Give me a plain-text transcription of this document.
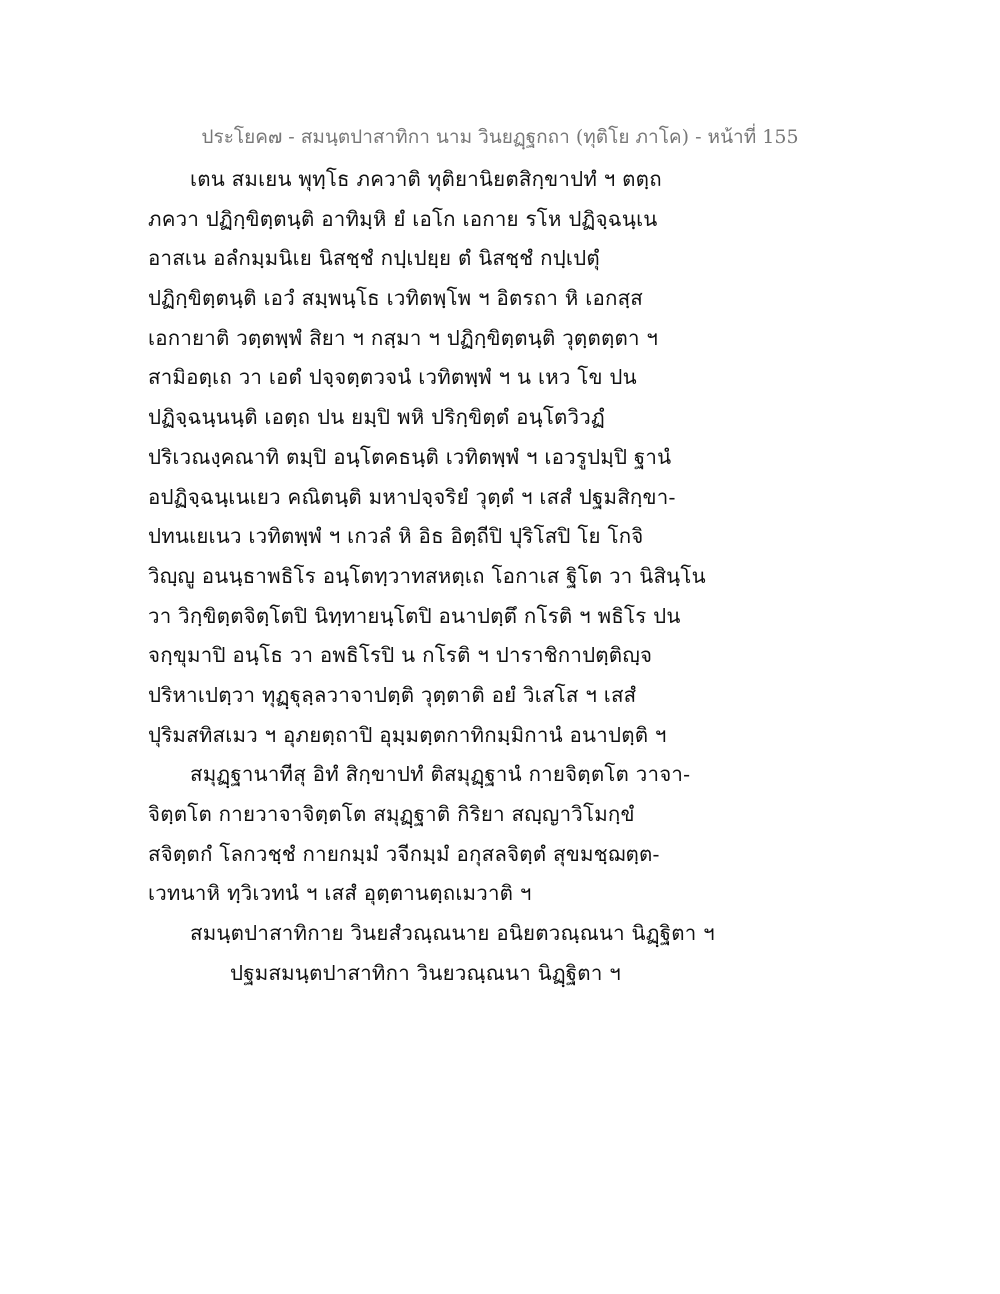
ประโยค๗ - สมนฺตปาสาทิกา นาม วินยฏฺฐกถา (ทุติโย ภาโค) - หน้าที่ 155
เตน สมเยน พุทฺโธ ภควาติ ทุติยานิยตสิกฺขาปทํ ฯ ตตฺถ
ภควา ปฏิกฺขิตฺตนฺติ อาทิมฺหิ ยํ เอโก เอกาย รโห ปฏิจฺฉนฺเน
อาสเน อลํกมฺมนิเย นิสชฺชํ กปฺเปยฺย ตํ นิสชฺชํ กปฺเปตุํ
ปฏิกฺขิตฺตนฺติ เอวํ สมฺพนฺโธ เวทิตพฺโพ ฯ อิตรถา หิ เอกสฺส
เอกายาติ วตฺตพฺพํ สิยา ฯ กสฺมา ฯ ปฏิกฺขิตฺตนฺติ วุตฺตตฺตา ฯ
สามิอตฺเถ วา เอตํ ปจฺจตฺตวจนํ เวทิตพฺพํ ฯ น เหว โข ปน
ปฏิจฺฉนฺนนฺติ เอตฺถ ปน ยมฺปิ พหิ ปริกฺขิตฺตํ อนฺโตวิวฏํ
ปริเวณงฺคณาทิ ตมฺปิ อนฺโตคธนฺติ เวทิตพฺพํ ฯ เอวรูปมฺปิ ฐานํ
อปฏิจฺฉนฺเนเยว คณิตนฺติ มหาปจฺจริยํ วุตฺตํ ฯ เสสํ ปฐมสิกฺขา-
ปทนเยเนว เวทิตพฺพํ ฯ เกวลํ หิ อิธ อิตฺถีปิ ปุริโสปิ โย โกจิ
วิญฺญู อนนฺธาพธิโร อนฺโตทฺวาทสหตฺเถ โอกาเส ฐิโต วา นิสินฺโน
วา วิกฺขิตฺตจิตฺโตปิ นิทฺทายนฺโตปิ อนาปตฺตึ กโรติ ฯ พธิโร ปน
จกฺขุมาปิ อนฺโธ วา อพธิโรปิ น กโรติ ฯ ปาราชิกาปตฺติญฺจ
ปริหาเปตฺวา ทุฏฺฐุลฺลวาจาปตฺติ วุตฺตาติ อยํ วิเสโส ฯ เสสํ
ปุริมสทิสเมว ฯ อุภยตฺถาปิ อุมฺมตฺตกาทิกมฺมิกานํ อนาปตฺติ ฯ
สมุฏฺฐานาทีสุ อิทํ สิกฺขาปทํ ติสมุฏฺฐานํ กายจิตฺตโต วาจา-
จิตฺตโต กายวาจาจิตฺตโต สมุฏฺฐาติ กิริยา สญฺญาวิโมกฺขํ
สจิตฺตกํ โลกวชฺชํ กายกมฺมํ วจีกมฺมํ อกุสลจิตฺตํ สุขมชฺฌตฺต-
เวทนาหิ ทฺวิเวทนํ ฯ เสสํ อุตฺตานตฺถเมวาติ ฯ
สมนฺตปาสาทิกาย วินยสํวณฺณนาย อนิยตวณฺณนา นิฏฺฐิตา ฯ
ปฐมสมนฺตปาสาทิกา วินยวณฺณนา นิฏฺฐิตา ฯ
